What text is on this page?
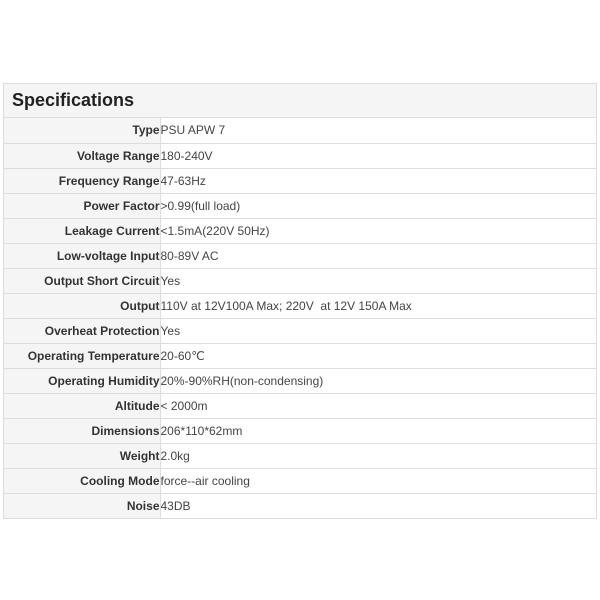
Specifications
Type	PSU APW 7
Voltage Range	180-240V
Frequency Range	47-63Hz
Power Factor	>0.99(full load)
Leakage Current	<1.5mA(220V 50Hz)
Low-voltage Input	80-89V AC
Output Short Circuit	Yes
Output	110V at 12V100A Max; 220V  at 12V 150A Max
Overheat Protection	Yes
Operating Temperature	20-60℃
Operating Humidity	20%-90%RH(non-condensing)
Altitude	< 2000m
Dimensions	206*110*62mm
Weight	2.0kg
Cooling Mode	force--air cooling
Noise	43DB
